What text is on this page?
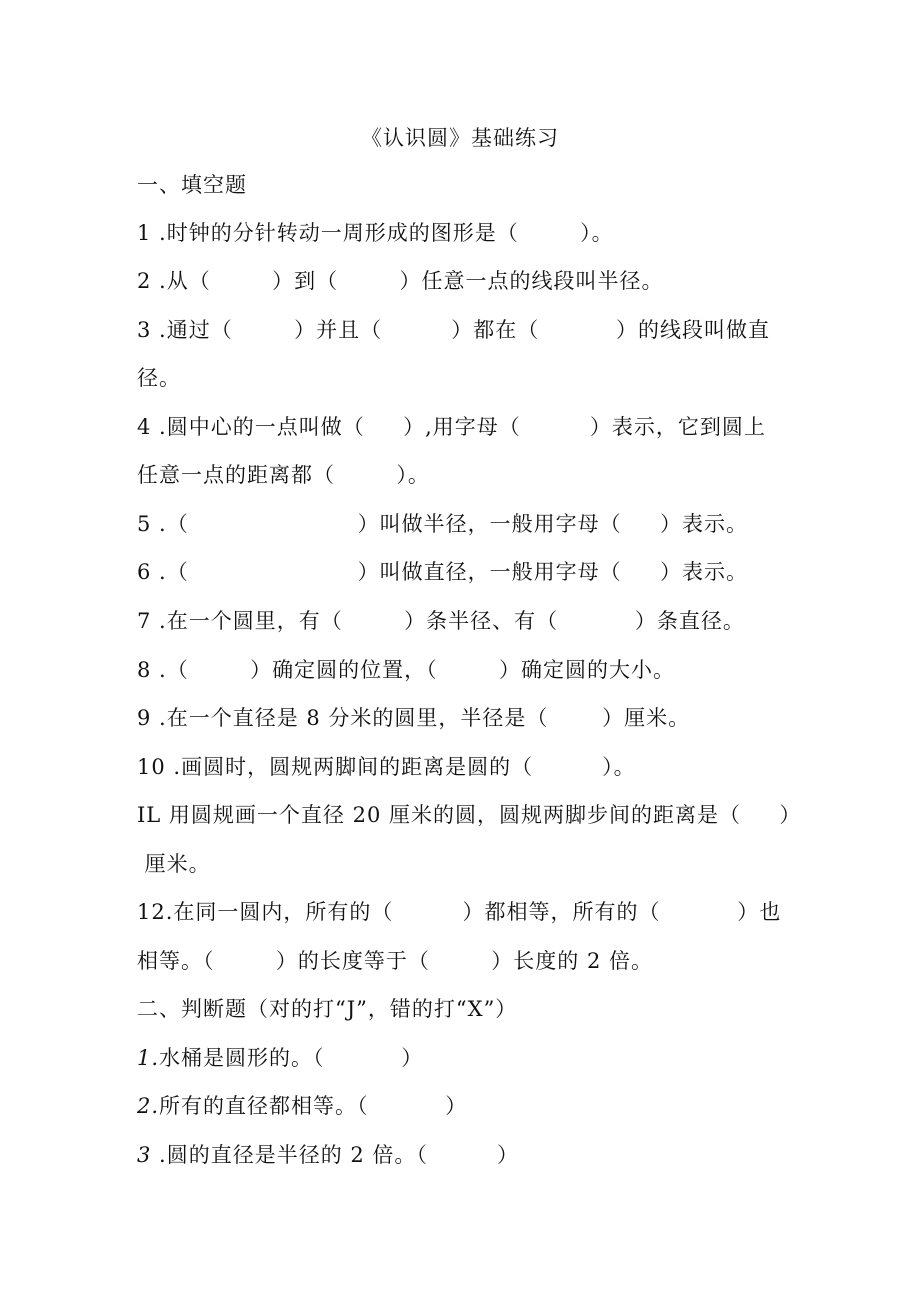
《认识圆》基础练习
一、填空题
1 .时钟的分针转动一周形成的图形是（        ）。
2 .从（        ）到（        ）任意一点的线段叫半径。
3 .通过（        ）并且（         ）都在（          ）的线段叫做直
径。
4 .圆中心的一点叫做（     ）,用字母（         ）表示，它到圆上
任意一点的距离都（        ）。
5 .（                      ）叫做半径，一般用字母（     ）表示。
6 .（                      ）叫做直径，一般用字母（     ）表示。
7 .在一个圆里，有（        ）条半径、有（          ）条直径。
8 .（        ）确定圆的位置，（        ）确定圆的大小。
9 .在一个直径是 8 分米的圆里，半径是（       ）厘米。
10 .画圆时，圆规两脚间的距离是圆的（         ）。
IL 用圆规画一个直径 20 厘米的圆，圆规两脚步间的距离是（     ）
厘米。
12.在同一圆内，所有的（         ）都相等，所有的（          ）也
相等。（        ）的长度等于（        ）长度的 2 倍。
二、判断题（对的打“J”，错的打“X”）
1.水桶是圆形的。（          ）
2.所有的直径都相等。（          ）
3 .圆的直径是半径的 2 倍。（         ）
